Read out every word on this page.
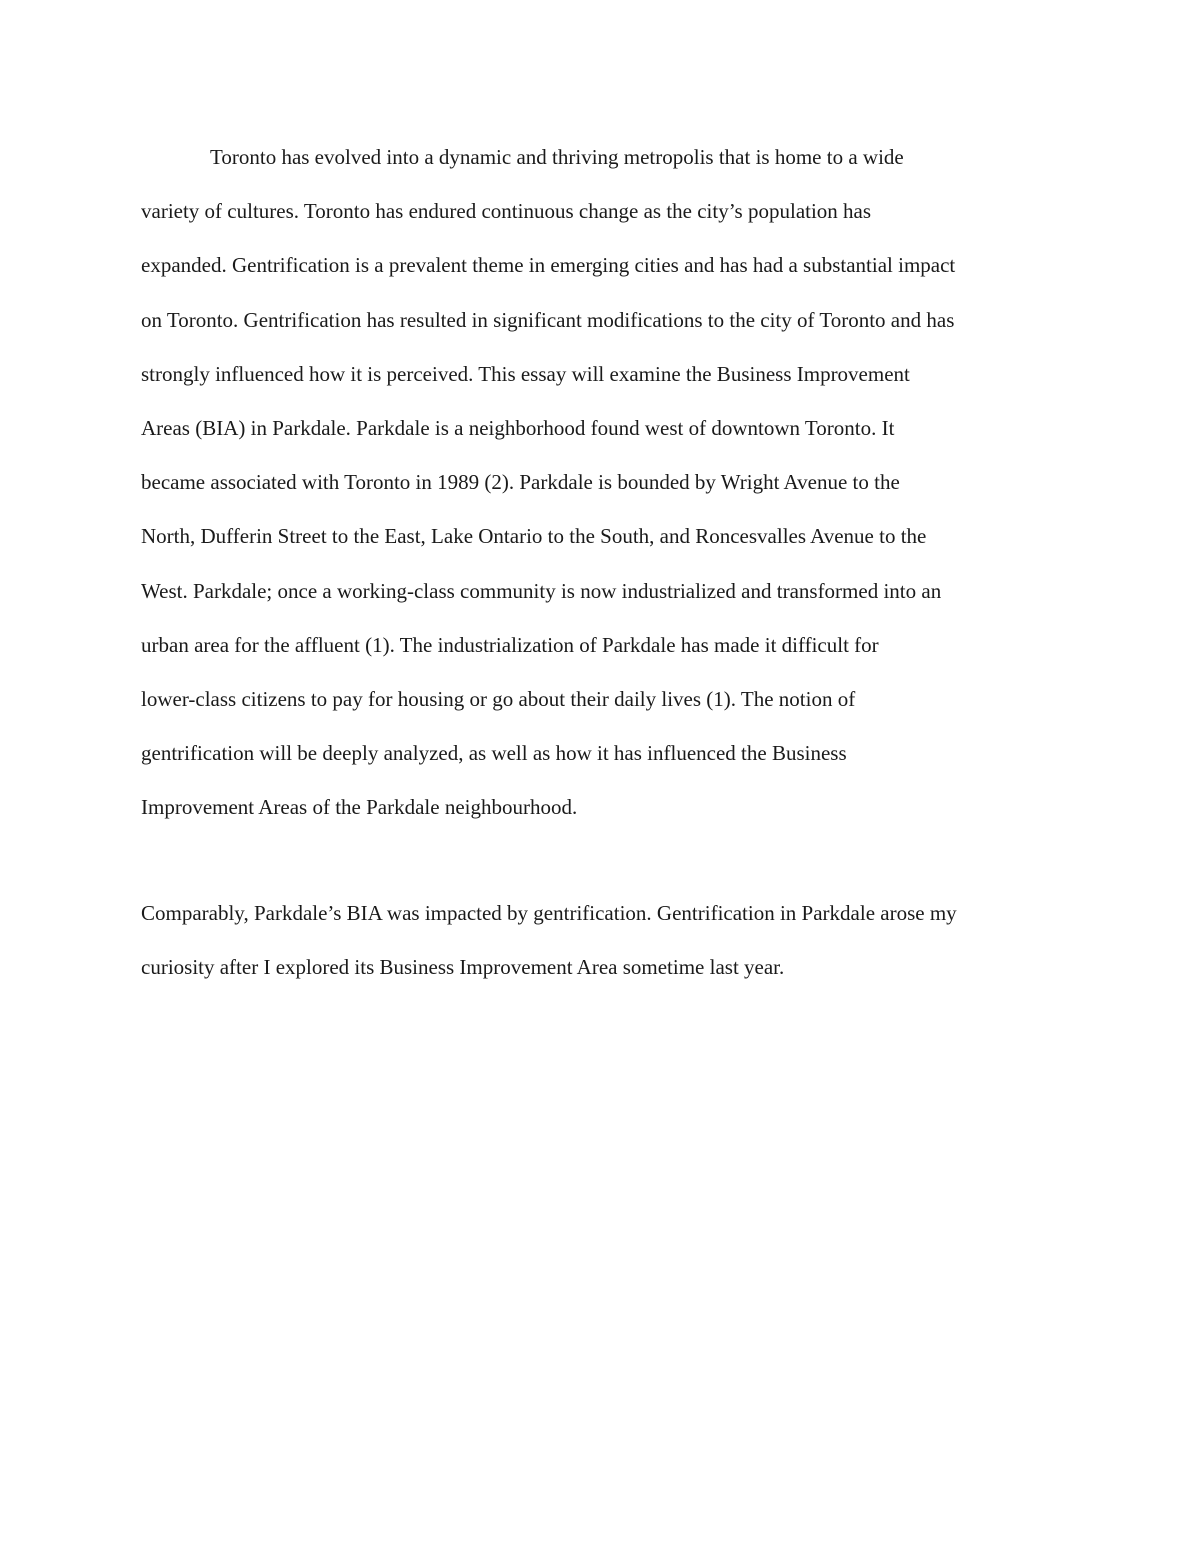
Toronto has evolved into a dynamic and thriving metropolis that is home to a wide
variety of cultures. Toronto has endured continuous change as the city’s population has
expanded. Gentrification is a prevalent theme in emerging cities and has had a substantial impact
on Toronto. Gentrification has resulted in significant modifications to the city of Toronto and has
strongly influenced how it is perceived. This essay will examine the Business Improvement
Areas (BIA) in Parkdale. Parkdale is a neighborhood found west of downtown Toronto. It
became associated with Toronto in 1989 (2). Parkdale is bounded by Wright Avenue to the
North, Dufferin Street to the East, Lake Ontario to the South, and Roncesvalles Avenue to the
West. Parkdale; once a working-class community is now industrialized and transformed into an
urban area for the affluent (1). The industrialization of Parkdale has made it difficult for
lower-class citizens to pay for housing or go about their daily lives (1). The notion of
gentrification will be deeply analyzed, as well as how it has influenced the Business
Improvement Areas of the Parkdale neighbourhood.
Comparably, Parkdale’s BIA was impacted by gentrification. Gentrification in Parkdale arose my
curiosity after I explored its Business Improvement Area sometime last year.
